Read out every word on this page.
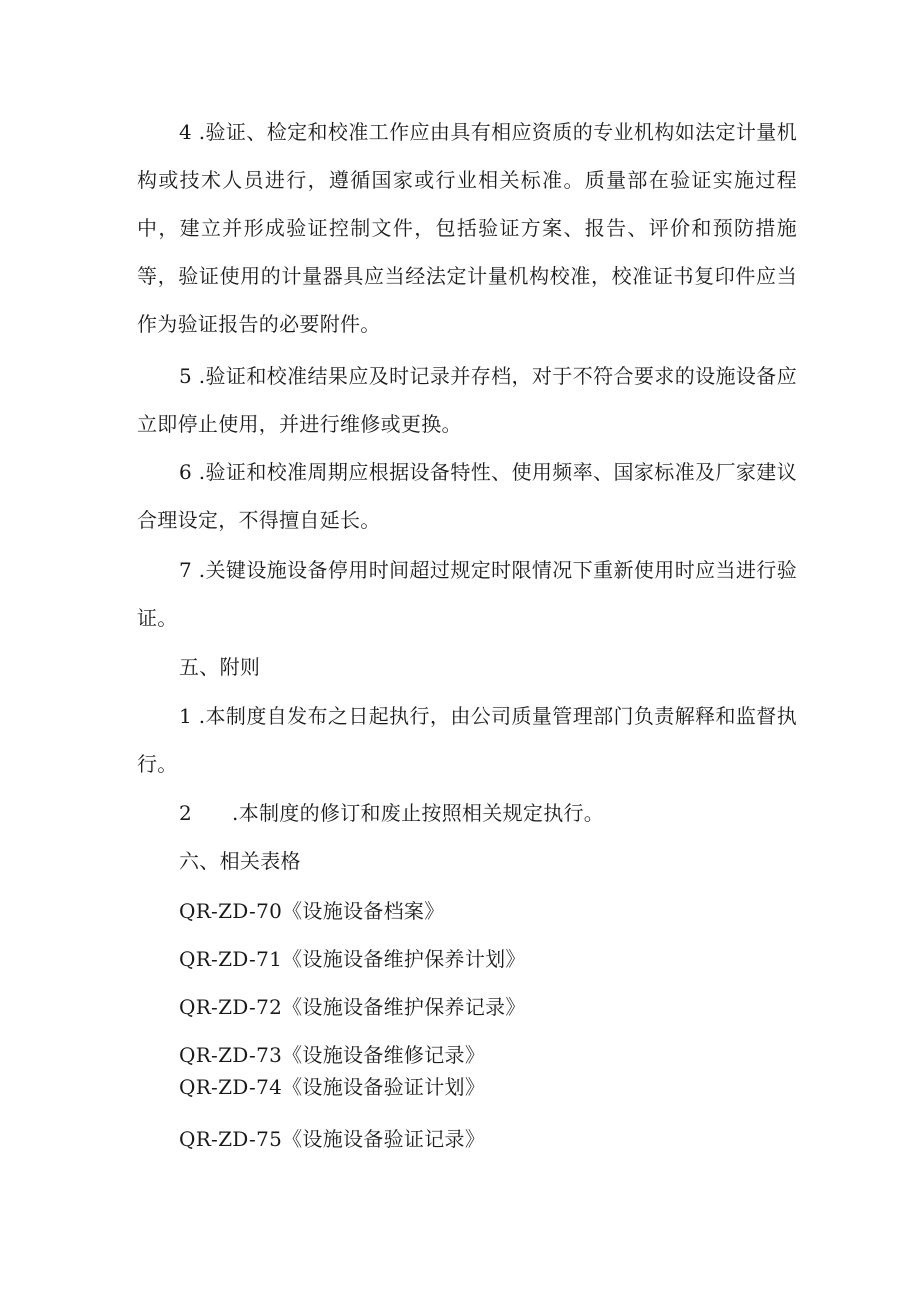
4 .验证、检定和校准工作应由具有相应资质的专业机构如法定计量机构或技术人员进行，遵循国家或行业相关标准。质量部在验证实施过程中，建立并形成验证控制文件，包括验证方案、报告、评价和预防措施等，验证使用的计量器具应当经法定计量机构校准，校准证书复印件应当作为验证报告的必要附件。

5 .验证和校准结果应及时记录并存档，对于不符合要求的设施设备应立即停止使用，并进行维修或更换。

6 .验证和校准周期应根据设备特性、使用频率、国家标准及厂家建议合理设定，不得擅自延长。

7 .关键设施设备停用时间超过规定时限情况下重新使用时应当进行验证。

五、附则

1 .本制度自发布之日起执行，由公司质量管理部门负责解释和监督执行。

2 .本制度的修订和废止按照相关规定执行。

六、相关表格

QR-ZD-70《设施设备档案》

QR-ZD-71《设施设备维护保养计划》

QR-ZD-72《设施设备维护保养记录》

QR-ZD-73《设施设备维修记录》

QR-ZD-74《设施设备验证计划》

QR-ZD-75《设施设备验证记录》
